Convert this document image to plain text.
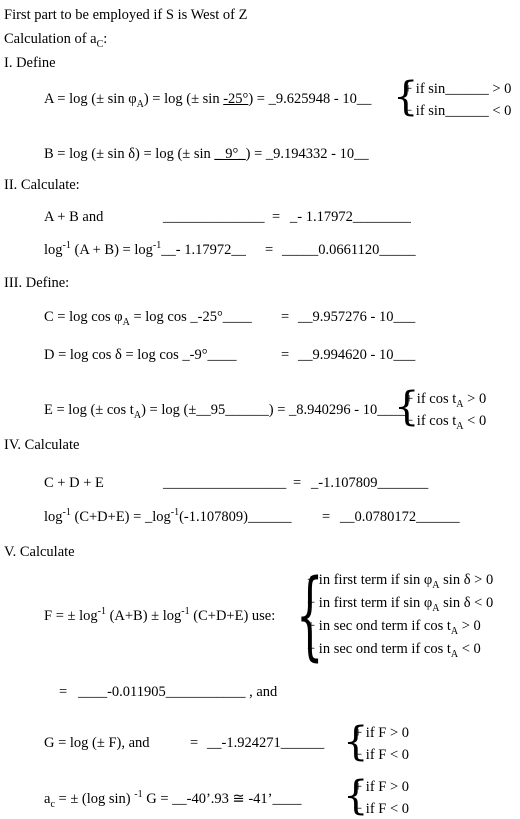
First part to be employed if S is West of Z
Calculation of $a_C$:
I. Define
A = log (± $\sin \varphi_A) = \log$ (± sin -25°) = _9.625948 - 10__ {
+ if sin______ > 0
− if sin______ < 0
B = log (± sin δ) = log (± sin _ 9°_) = _9.194332 - 10__
II. Calculate:
A + B and	______________ = _- 1.17972________
$\log^{-1} (A + B)$ = $\log^{-1}\_\_-$ 1.17972__ = _____0.0661120_____
III. Define:
$C = \log \cos \varphi_A = \log \cos$ _-25°____ = __9.957276 - 10___
D = log cos δ = log cos _-9°____	= __9.994620 - 10___
E = log (± $\cos t_A) = \log$ (±__95______) = _8.940296 - 10____
{
+ if $\cos t_A > 0$
− if $\cos t_A < 0$
IV. Calculate
C + D + E	_________________ = _-1.107809_______
$\log^{-1} (C+D+E)$ = $\_\log^{-1}(-1.107809)\_\_\_\_\_\_$ = __0.0780172______
V. Calculate
F = ± $\log^{-1} (A+B) \pm \log^{-1} (C+D+E)$ use: {
+ in first term if $\sin \varphi_A$ sin δ > 0
− in first term if $\sin \varphi_A$ sin δ < 0
+ in sec ond term if $\cos t_A > 0$
− in sec ond term if $\cos t_A < 0$
= ____-0.011905___________ , and
G = log (± F), and	= __-1.924271______ {
+ if F > 0
− if F < 0
$a_c$ = ± (log sin) $^{-1}$ G = __-40’.93 ≅ -41’____ {
+ if F > 0
− if F < 0
